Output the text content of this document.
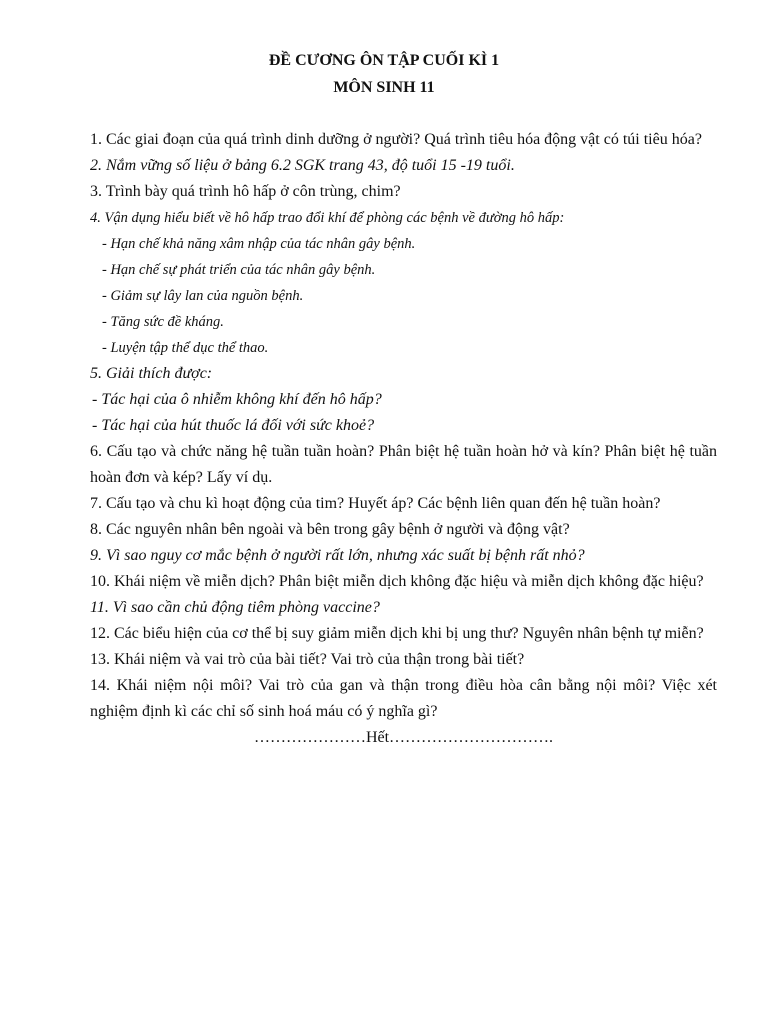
ĐỀ CƯƠNG ÔN TẬP CUỐI KÌ 1
MÔN SINH 11

1. Các giai đoạn của quá trình dinh dưỡng ở người? Quá trình tiêu hóa động vật có túi tiêu hóa?

2. Nắm vững số liệu ở bảng 6.2 SGK trang 43, độ tuổi 15 -19 tuổi.

3. Trình bày quá trình hô hấp ở côn trùng, chim?

4. Vận dụng hiểu biết về hô hấp trao đổi khí để phòng các bệnh về đường hô hấp:

- Hạn chế khả năng xâm nhập của tác nhân gây bệnh.

- Hạn chế sự phát triển của tác nhân gây bệnh.

- Giảm sự lây lan của nguồn bệnh.

- Tăng sức đề kháng.

- Luyện tập thể dục thể thao.

5. Giải thích được:

- Tác hại của ô nhiễm không khí đến hô hấp?

- Tác hại của hút thuốc lá đối với sức khoẻ?

6. Cấu tạo và chức năng hệ tuần tuần hoàn? Phân biệt hệ tuần hoàn hở và kín? Phân biệt hệ tuần hoàn đơn và kép? Lấy ví dụ.

7. Cấu tạo và chu kì hoạt động của tim? Huyết áp? Các bệnh liên quan đến hệ tuần hoàn?

8. Các nguyên nhân bên ngoài và bên trong gây bệnh ở người và động vật?

9. Vì sao nguy cơ mắc bệnh ở người rất lớn, nhưng xác suất bị bệnh rất nhỏ?

10. Khái niệm về miễn dịch? Phân biệt miễn dịch không đặc hiệu và miễn dịch không đặc hiệu?

11. Vì sao cần chủ động tiêm phòng vaccine?

12. Các biểu hiện của cơ thể bị suy giảm miễn dịch khi bị ung thư? Nguyên nhân bệnh tự miễn?

13. Khái niệm và vai trò của bài tiết? Vai trò của thận trong bài tiết?

14. Khái niệm nội môi? Vai trò của gan và thận trong điều hòa cân bằng nội môi? Việc xét nghiệm định kì các chỉ số sinh hoá máu có ý nghĩa gì?

…………………Hết………………………….
